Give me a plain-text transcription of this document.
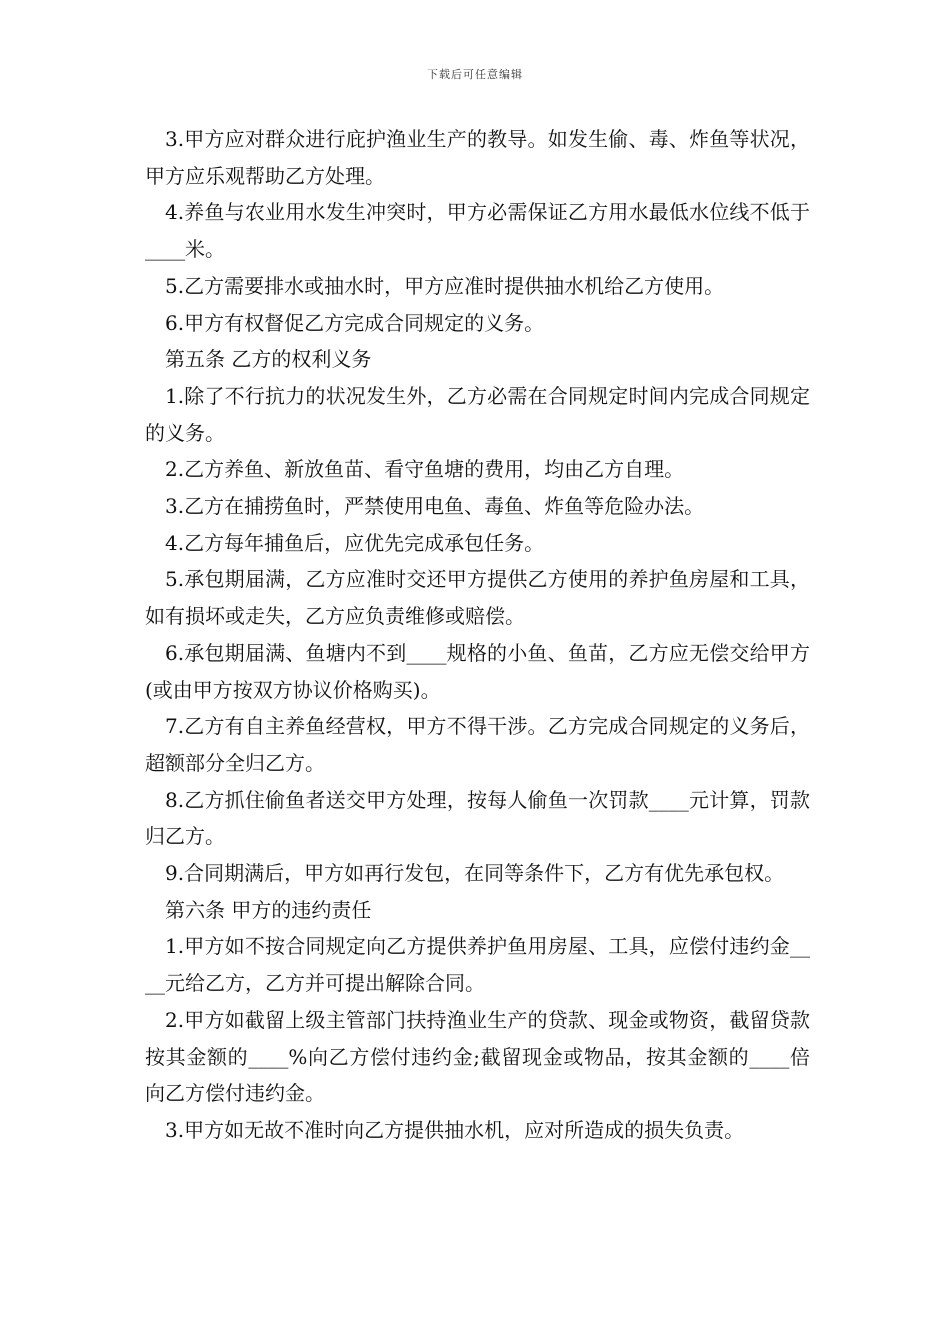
下载后可任意编辑

3.甲方应对群众进行庇护渔业生产的教导。如发生偷、毒、炸鱼等状况，甲方应乐观帮助乙方处理。

4.养鱼与农业用水发生冲突时，甲方必需保证乙方用水最低水位线不低于____米。

5.乙方需要排水或抽水时，甲方应准时提供抽水机给乙方使用。

6.甲方有权督促乙方完成合同规定的义务。

第五条 乙方的权利义务

1.除了不行抗力的状况发生外，乙方必需在合同规定时间内完成合同规定的义务。

2.乙方养鱼、新放鱼苗、看守鱼塘的费用，均由乙方自理。

3.乙方在捕捞鱼时，严禁使用电鱼、毒鱼、炸鱼等危险办法。

4.乙方每年捕鱼后，应优先完成承包任务。

5.承包期届满，乙方应准时交还甲方提供乙方使用的养护鱼房屋和工具，如有损坏或走失，乙方应负责维修或赔偿。

6.承包期届满、鱼塘内不到____规格的小鱼、鱼苗，乙方应无偿交给甲方(或由甲方按双方协议价格购买)。

7.乙方有自主养鱼经营权，甲方不得干涉。乙方完成合同规定的义务后，超额部分全归乙方。

8.乙方抓住偷鱼者送交甲方处理，按每人偷鱼一次罚款____元计算，罚款归乙方。

9.合同期满后，甲方如再行发包，在同等条件下，乙方有优先承包权。

第六条 甲方的违约责任

1.甲方如不按合同规定向乙方提供养护鱼用房屋、工具，应偿付违约金____元给乙方，乙方并可提出解除合同。

2.甲方如截留上级主管部门扶持渔业生产的贷款、现金或物资，截留贷款按其金额的____%向乙方偿付违约金;截留现金或物品，按其金额的____倍向乙方偿付违约金。

3.甲方如无故不准时向乙方提供抽水机，应对所造成的损失负责。
